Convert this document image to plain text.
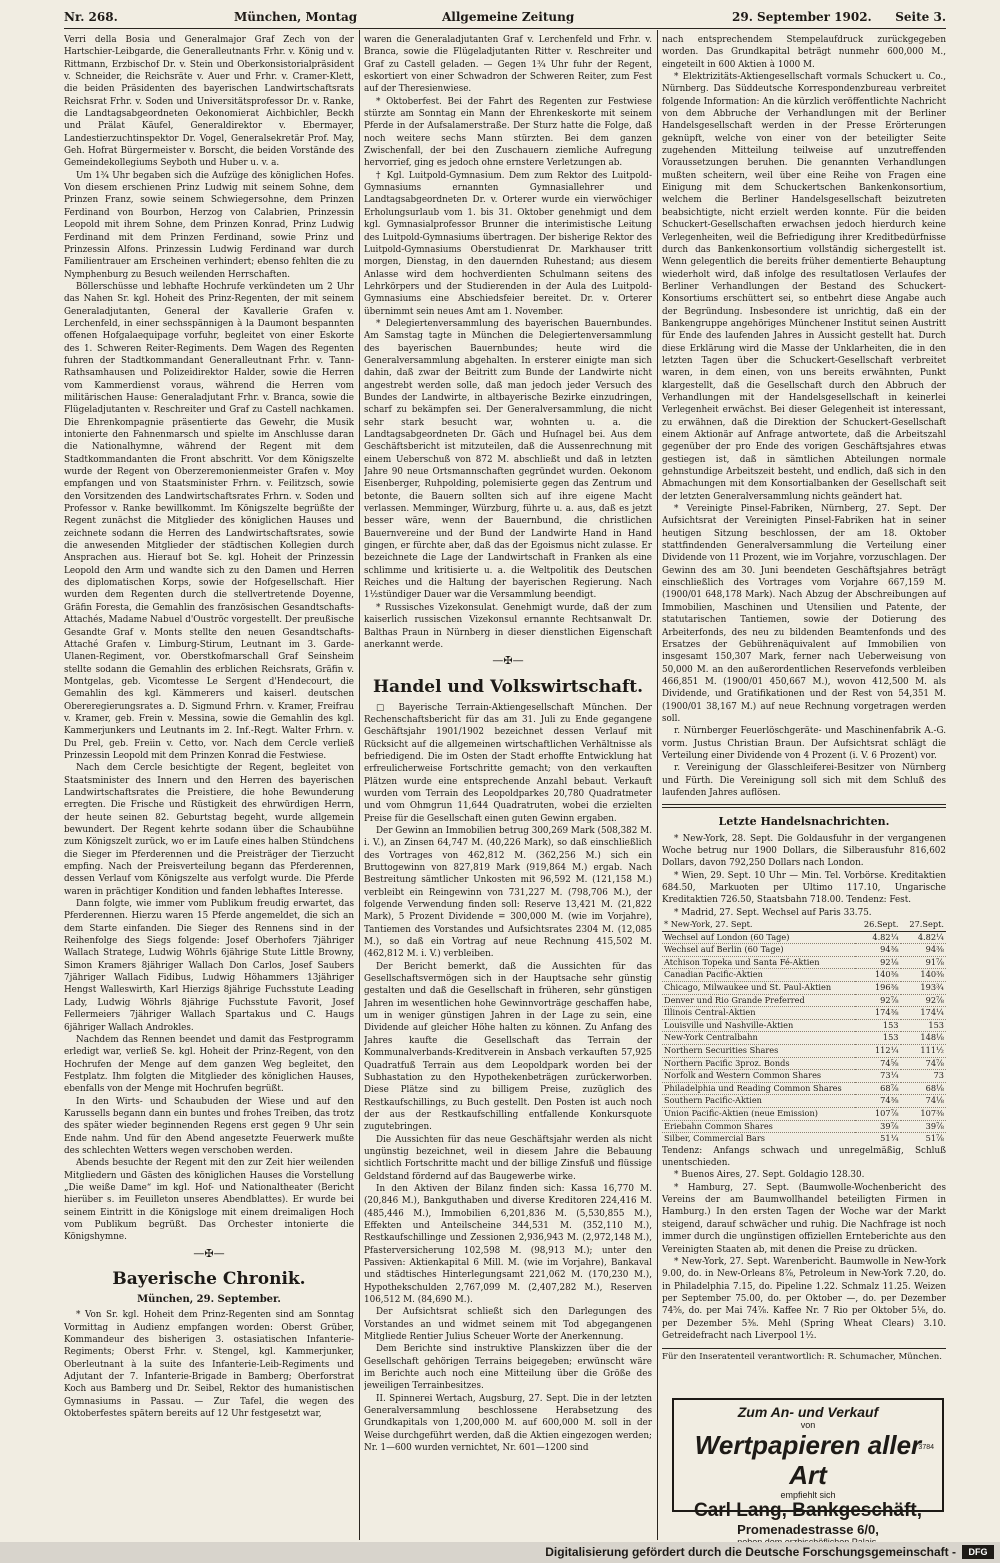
Nr. 268.	München, Montag	Allgemeine Zeitung	29. September 1902. Seite 3.

Verri della Bosia und Generalmajor Graf Zech von der Hartschier-Leibgarde, die Generalleutnants Frhr. v. König und v. Rittmann, Erzbischof Dr. v. Stein und Oberkonsistorialpräsident v. Schneider, die Reichsräte v. Auer und Frhr. v. Cramer-Klett, die beiden Präsidenten des bayerischen Landwirtschaftsrats Reichsrat Frhr. v. Soden und Universitätsprofessor Dr. v. Ranke, die Landtagsabgeordneten Oekonomierat Aichbichler, Beckh und Prälat Käufel, Generaldirektor v. Ebermayer, Landestierzuchtinspektor Dr. Vogel, Generalsekretär Prof. May, Geh. Hofrat Bürgermeister v. Borscht, die beiden Vorstände des Gemeindekollegiums Seyboth und Huber u. v. a.

Um 1¾ Uhr begaben sich die Aufzüge des königlichen Hofes. Von diesem erschienen Prinz Ludwig mit seinem Sohne, dem Prinzen Franz, sowie seinem Schwiegersohne, dem Prinzen Ferdinand von Bourbon, Herzog von Calabrien, Prinzessin Leopold mit ihrem Sohne, dem Prinzen Konrad, Prinz Ludwig Ferdinand mit dem Prinzen Ferdinand, sowie Prinz und Prinzessin Alfons. Prinzessin Ludwig Ferdinand war durch Familientrauer am Erscheinen verhindert; ebenso fehlten die zu Nymphenburg zu Besuch weilenden Herrschaften.

Böllerschüsse und lebhafte Hochrufe verkündeten um 2 Uhr das Nahen Sr. kgl. Hoheit des Prinz-Regenten, der mit seinem Generaladjutanten, General der Kavallerie Grafen v. Lerchenfeld, in einer sechsspännigen à la Daumont bespannten offenen Hofgalaequipage vorfuhr, begleitet von einer Eskorte des 1. Schweren Reiter-Regiments. Dem Wagen des Regenten fuhren der Stadtkommandant Generalleutnant Frhr. v. Tann-Rathsamhausen und Polizeidirektor Halder, sowie die Herren vom Kammerdienst voraus, während die Herren vom militärischen Hause: Generaladjutant Frhr. v. Branca, sowie die Flügeladjutanten v. Reschreiter und Graf zu Castell nachkamen. Die Ehrenkompagnie präsentierte das Gewehr, die Musik intonierte den Fahnenmarsch und spielte im Anschlusse daran die Nationalhymne, während der Regent mit dem Stadtkommandanten die Front abschritt. Vor dem Königszelte wurde der Regent von Oberzeremonienmeister Grafen v. Moy empfangen und von Staatsminister Frhrn. v. Feilitzsch, sowie den Vorsitzenden des Landwirtschaftsrates Frhrn. v. Soden und Professor v. Ranke bewillkommt. Im Königszelte begrüßte der Regent zunächst die Mitglieder des königlichen Hauses und zeichnete sodann die Herren des Landwirtschaftsrates, sowie die anwesenden Mitglieder der städtischen Kollegien durch Ansprachen aus. Hierauf bot Se. kgl. Hoheit der Prinzessin Leopold den Arm und wandte sich zu den Damen und Herren des diplomatischen Korps, sowie der Hofgesellschaft. Hier wurden dem Regenten durch die stellvertretende Doyenne, Gräfin Foresta, die Gemahlin des französischen Gesandtschafts-Attachés, Madame Nabuel d'Ouströc vorgestellt. Der preußische Gesandte Graf v. Monts stellte den neuen Gesandtschafts-Attaché Grafen v. Limburg-Stirum, Leutnant im 3. Garde-Ulanen-Regiment, vor. Oberstkofmarschall Graf Seinsheim stellte sodann die Gemahlin des erblichen Reichsrats, Gräfin v. Montgelas, geb. Vicomtesse Le Sergent d'Hendecourt, die Gemahlin des kgl. Kämmerers und kaiserl. deutschen Obereregierungsrates a. D. Sigmund Frhrn. v. Kramer, Freifrau v. Kramer, geb. Frein v. Messina, sowie die Gemahlin des kgl. Kammerjunkers und Leutnants im 2. Inf.-Regt. Walter Frhrn. v. Du Prel, geb. Freiin v. Cetto, vor. Nach dem Cercle verließ Prinzessin Leopold mit dem Prinzen Konrad die Festwiese.

Nach dem Cercle besichtigte der Regent, begleitet von Staatsminister des Innern und den Herren des bayerischen Landwirtschaftsrates die Preistiere, die hohe Bewunderung erregten. Die Frische und Rüstigkeit des ehrwürdigen Herrn, der heute seinen 82. Geburtstag begeht, wurde allgemein bewundert. Der Regent kehrte sodann über die Schaubühne zum Königszelt zurück, wo er im Laufe eines halben Stündchens die Sieger im Pferderennen und die Preisträger der Tierzucht empfing. Nach der Preisverteilung begann das Pferderennen, dessen Verlauf vom Königszelte aus verfolgt wurde. Die Pferde waren in prächtiger Kondition und fanden lebhaftes Interesse.

Dann folgte, wie immer vom Publikum freudig erwartet, das Pferderennen. Hierzu waren 15 Pferde angemeldet, die sich an dem Starte einfanden. Die Sieger des Rennens sind in der Reihenfolge des Siegs folgende: Josef Oberhofers 7jähriger Wallach Stratege, Ludwig Wöhrls 6jährige Stute Little Browny, Simon Kramers 8jähriger Wallach Don Carlos, Josef Saubers 7jähriger Wallach Fidibus, Ludwig Höhammers 13jähriger Hengst Walleswirth, Karl Hierzigs 8jährige Fuchsstute Leading Lady, Ludwig Wöhrls 8jährige Fuchsstute Favorit, Josef Fellermeiers 7jähriger Wallach Spartakus und C. Haugs 6jähriger Wallach Androkles.

Nachdem das Rennen beendet und damit das Festprogramm erledigt war, verließ Se. kgl. Hoheit der Prinz-Regent, von den Hochrufen der Menge auf dem ganzen Weg begleitet, den Festplatz. Ihm folgten die Mitglieder des königlichen Hauses, ebenfalls von der Menge mit Hochrufen begrüßt.

In den Wirts- und Schaubuden der Wiese und auf den Karussells begann dann ein buntes und frohes Treiben, das trotz des später wieder beginnenden Regens erst gegen 9 Uhr sein Ende nahm. Und für den Abend angesetzte Feuerwerk mußte des schlechten Wetters wegen verschoben werden.

Abends besuchte der Regent mit den zur Zeit hier weilenden Mitgliedern und Gästen des königlichen Hauses die Vorstellung „Die weiße Dame“ im kgl. Hof- und Nationaltheater (Bericht hierüber s. im Feuilleton unseres Abendblattes). Er wurde bei seinem Eintritt in die Königsloge mit einem dreimaligen Hoch vom Publikum begrüßt. Das Orchester intonierte die Königshymne.

—✠—
Bayerische Chronik.
München, 29. September.

* Von Sr. kgl. Hoheit dem Prinz-Regenten sind am Sonntag Vormittag in Audienz empfangen worden: Oberst Grüber, Kommandeur des bisherigen 3. ostasiatischen Infanterie-Regiments; Oberst Frhr. v. Stengel, kgl. Kammerjunker, Oberleutnant à la suite des Infanterie-Leib-Regiments und Adjutant der 7. Infanterie-Brigade in Bamberg; Oberforstrat Koch aus Bamberg und Dr. Seibel, Rektor des humanistischen Gymnasiums in Passau. — Zur Tafel, die wegen des Oktoberfestes spätern bereits auf 12 Uhr festgesetzt war,

waren die Generaladjutanten Graf v. Lerchenfeld und Frhr. v. Branca, sowie die Flügeladjutanten Ritter v. Reschreiter und Graf zu Castell geladen. — Gegen 1¾ Uhr fuhr der Regent, eskortiert von einer Schwadron der Schweren Reiter, zum Fest auf der Theresienwiese.

* Oktoberfest. Bei der Fahrt des Regenten zur Festwiese stürzte am Sonntag ein Mann der Ehrenkeskorte mit seinem Pferde in der Aufsalamerstraße. Der Sturz hatte die Folge, daß noch weitere sechs Mann stürzten. Bei dem ganzen Zwischenfall, der bei den Zuschauern ziemliche Aufregung hervorrief, ging es jedoch ohne ernstere Verletzungen ab.

† Kgl. Luitpold-Gymnasium. Dem zum Rektor des Luitpold-Gymnasiums ernannten Gymnasiallehrer und Landtagsabgeordneten Dr. v. Orterer wurde ein vierwöchiger Erholungsurlaub vom 1. bis 31. Oktober genehmigt und dem kgl. Gymnasialprofessor Brunner die interimistische Leitung des Luitpold-Gymnasiums übertragen. Der bisherige Rektor des Luitpold-Gymnasiums Oberstudienrat Dr. Markhauser tritt morgen, Dienstag, in den dauernden Ruhestand; aus diesem Anlasse wird dem hochverdienten Schulmann seitens des Lehrkörpers und der Studierenden in der Aula des Luitpold-Gymnasiums eine Abschiedsfeier bereitet. Dr. v. Orterer übernimmt sein neues Amt am 1. November.

* Delegiertenversammlung des bayerischen Bauernbundes. Am Samstag tagte in München die Delegiertenversammlung des bayerischen Bauernbundes; heute wird die Generalversammlung abgehalten. In ersterer einigte man sich dahin, daß zwar der Beitritt zum Bunde der Landwirte nicht angestrebt werden solle, daß man jedoch jeder Versuch des Bundes der Landwirte, in altbayerische Bezirke einzudringen, scharf zu bekämpfen sei. Der Generalversammlung, die nicht sehr stark besucht war, wohnten u. a. die Landtagsabgeordneten Dr. Gäch und Huſnagel bei. Aus dem Geschäftsbericht ist mitzuteilen, daß die Aussenrechnung mit einem Ueberschuß von 872 M. abschließt und daß in letzten Jahre 90 neue Ortsmannschaften gegründet wurden. Oekonom Eisenberger, Ruhpolding, polemisierte gegen das Zentrum und betonte, die Bauern sollten sich auf ihre eigene Macht verlassen. Memminger, Würzburg, führte u. a. aus, daß es jetzt besser wäre, wenn der Bauernbund, die christlichen Bauernvereine und der Bund der Landwirte Hand in Hand gingen, er fürchte aber, daß das der Egoismus nicht zulasse. Er bezeichnete die Lage der Landwirtschaft in Franken als eine schlimme und kritisierte u. a. die Weltpolitik des Deutschen Reiches und die Haltung der bayerischen Regierung. Nach 1½stündiger Dauer war die Versammlung beendigt.

* Russisches Vizekonsulat. Genehmigt wurde, daß der zum kaiserlich russischen Vizekonsul ernannte Rechtsanwalt Dr. Balthas Praun in Nürnberg in dieser dienstlichen Eigenschaft anerkannt werde.

—✠—
Handel und Volkswirtschaft.

□ Bayerische Terrain-Aktiengesellschaft München. Der Rechenschaftsbericht für das am 31. Juli zu Ende gegangene Geschäftsjahr 1901/1902 bezeichnet dessen Verlauf mit Rücksicht auf die allgemeinen wirtschaftlichen Verhältnisse als befriedigend. Die im Osten der Stadt erhoffte Entwicklung hat erfreulicherweise Fortschritte gemacht; von den verkauften Plätzen wurde eine entsprechende Anzahl bebaut. Verkauft wurden vom Terrain des Leopoldparkes 20,780 Quadratmeter und vom Ohmgrun 11,644 Quadratruten, wobei die erzielten Preise für die Gesellschaft einen guten Gewinn ergaben.

Der Gewinn an Immobilien betrug 300,269 Mark (508,382 M. i. V.), an Zinsen 64,747 M. (40,226 Mark), so daß einschließlich des Vortrages von 462,812 M. (362,256 M.) sich ein Bruttogewinn von 827,819 Mark (919,864 M.) ergab. Nach Bestreitung sämtlicher Unkosten mit 96,592 M. (121,158 M.) verbleibt ein Reingewinn von 731,227 M. (798,706 M.), der folgende Verwendung finden soll: Reserve 13,421 M. (21,822 Mark), 5 Prozent Dividende = 300,000 M. (wie im Vorjahre), Tantiemen des Vorstandes und Aufsichtsrates 2304 M. (12,085 M.), so daß ein Vortrag auf neue Rechnung 415,502 M. (462,812 M. i. V.) verbleiben.

Der Bericht bemerkt, daß die Aussichten für das Gesellschaftsvermögen sich in der Hauptsache sehr günstig gestalten und daß die Gesellschaft in früheren, sehr günstigen Jahren im wesentlichen hohe Gewinnvorträge geschaffen habe, um in weniger günstigen Jahren in der Lage zu sein, eine Dividende auf gleicher Höhe halten zu können. Zu Anfang des Jahres kaufte die Gesellschaft das Terrain der Kommunalverbands-Kreditverein in Ansbach verkauften 57,925 Quadratfuß Terrain aus dem Leopoldpark worden bei der Subhastation zu den Hypothekenbeträgen zurückerworben. Diese Plätze sind zu billigem Preise, zuzüglich des Restkaufschillings, zu Buch gestellt. Den Posten ist auch noch der aus der Restkaufschilling entfallende Konkursquote zugutebringen.

Die Aussichten für das neue Geschäftsjahr werden als nicht ungünstig bezeichnet, weil in diesem Jahre die Bebauung sichtlich Fortschritte macht und der billige Zinsfuß und flüssige Geldstand fördernd auf das Baugewerbe wirke.

In den Aktiven der Bilanz finden sich: Kassa 16,770 M. (20,846 M.), Bankguthaben und diverse Kreditoren 224,416 M. (485,446 M.), Immobilien 6,201,836 M. (5,530,855 M.), Effekten und Anteilscheine 344,531 M. (352,110 M.), Restkaufschillinge und Zessionen 2,936,943 M. (2,972,148 M.), Pfasterversicherung 102,598 M. (98,913 M.); unter den Passiven: Aktienkapital 6 Mill. M. (wie im Vorjahre), Bankaval und städtisches Hinterlegungsamt 221,062 M. (170,230 M.), Hypothekschulden 2,767,099 M. (2,407,282 M.), Reserven 106,512 M. (84,690 M.).

Der Aufsichtsrat schließt sich den Darlegungen des Vorstandes an und widmet seinem mit Tod abgegangenen Mitgliede Rentier Julius Scheuer Worte der Anerkennung.

Dem Berichte sind instruktive Planskizzen über die der Gesellschaft gehörigen Terrains beigegeben; erwünscht wäre im Berichte auch noch eine Mitteilung über die Größe des jeweiligen Terrainbesitzes.

II. Spinnerei Wertach, Augsburg, 27. Sept. Die in der letzten Generalversammlung beschlossene Herabsetzung des Grundkapitals von 1,200,000 M. auf 600,000 M. soll in der Weise durchgeführt werden, daß die Aktien eingezogen werden; Nr. 1—600 wurden vernichtet, Nr. 601—1200 sind

nach entsprechendem Stempelaufdruck zurückgegeben worden. Das Grundkapital beträgt nunmehr 600,000 M., eingeteilt in 600 Aktien à 1000 M.

* Elektrizitäts-Aktiengesellschaft vormals Schuckert u. Co., Nürnberg. Das Süddeutsche Korrespondenzbureau verbreitet folgende Information: An die kürzlich veröffentlichte Nachricht von dem Abbruche der Verhandlungen mit der Berliner Handelsgesellschaft werden in der Presse Erörterungen geknüpft, welche von einer von der beteiligter Seite zugehenden Mitteilung teilweise auf unzutreffenden Voraussetzungen beruhen. Die genannten Verhandlungen mußten scheitern, weil über eine Reihe von Fragen eine Einigung mit dem Schuckertschen Bankenkonsortium, welchem die Berliner Handelsgesellschaft beizutreten beabsichtigte, nicht erzielt werden konnte. Für die beiden Schuckert-Gesellschaften erwachsen jedoch hierdurch keine Verlegenheiten, weil die Befriedigung ihrer Kreditbedürfnisse durch das Bankenkonsortium vollständig sichergestellt ist. Wenn gelegentlich die bereits früher dementierte Behauptung wiederholt wird, daß infolge des resultatlosen Verlaufes der Berliner Verhandlungen der Bestand des Schuckert-Konsortiums erschüttert sei, so entbehrt diese Angabe auch der Begründung. Insbesondere ist unrichtig, daß ein der Bankengruppe angehöriges Münchener Institut seinen Austritt für Ende des laufenden Jahres in Aussicht gestellt hat. Durch diese Erklärung wird die Masse der Unklarheiten, die in den letzten Tagen über die Schuckert-Gesellschaft verbreitet waren, in dem einen, von uns bereits erwähnten, Punkt klargestellt, daß die Gesellschaft durch den Abbruch der Verhandlungen mit der Handelsgesellschaft in keinerlei Verlegenheit erwächst. Bei dieser Gelegenheit ist interessant, zu erwähnen, daß die Direktion der Schuckert-Gesellschaft einem Aktionär auf Anfrage antwortete, daß die Arbeitszahl gegenüber der pro Ende des vorigen Geschäftsjahres etwas gestiegen ist, daß in sämtlichen Abteilungen normale gehnstundige Arbeitszeit besteht, und endlich, daß sich in den Abmachungen mit dem Konsortialbanken der Gesellschaft seit der letzten Generalversammlung nichts geändert hat.

* Vereinigte Pinsel-Fabriken, Nürnberg, 27. Sept. Der Aufsichtsrat der Vereinigten Pinsel-Fabriken hat in seiner heutigen Sitzung beschlossen, der am 18. Oktober stattfindenden Generalversammlung die Verteilung einer Dividende von 11 Prozent, wie im Vorjahre, vorzuschlagen. Der Gewinn des am 30. Juni beendeten Geschäftsjahres beträgt einschließlich des Vortrages vom Vorjahre 667,159 M. (1900/01 648,178 Mark). Nach Abzug der Abschreibungen auf Immobilien, Maschinen und Utensilien und Patente, der statutarischen Tantiemen, sowie der Dotierung des Arbeiterfonds, des neu zu bildenden Beamtenfonds und des Ersatzes der Gebührenäquivalent auf Immobilien von insgesamt 150,307 Mark, ferner nach Ueberweisung von 50,000 M. an den außerordentlichen Reservefonds verbleiben 466,851 M. (1900/01 450,667 M.), wovon 412,500 M. als Dividende, und Gratifikationen und der Rest von 54,351 M. (1900/01 38,167 M.) auf neue Rechnung vorgetragen werden soll.

r. Nürnberger Feuerlöschgeräte- und Maschinenfabrik A.-G. vorm. Justus Christian Braun. Der Aufsichtsrat schlägt die Verteilung einer Dividende von 4 Prozent (i. V. 6 Prozent) vor.

r. Vereinigung der Glasschleiferei-Besitzer von Nürnberg und Fürth. Die Vereinigung soll sich mit dem Schluß des laufenden Jahres auflösen.

Letzte Handelsnachrichten.

* New-York, 28. Sept. Die Goldausfuhr in der vergangenen Woche betrug nur 1900 Dollars, die Silberausfuhr 816,602 Dollars, davon 792,250 Dollars nach London.

* Wien, 29. Sept. 10 Uhr — Min. Tel. Vorbörse. Kreditaktien 684.50, Markuoten per Ultimo 117.10, Ungarische Kreditaktien 726.50, Staatsbahn 718.00. Tendenz: Fest.

* Madrid, 27. Sept. Wechsel auf Paris 33.75.

* New-York, 27. Sept.	26.Sept.	27.Sept.
Wechsel auf London (60 Tage)	4.82¼	4.82¼
Wechsel auf Berlin (60 Tage)	94⅜	94⅜
Atchison Topeka und Santa Fé-Aktien	92⅛	91⅞
Canadian Pacific-Aktien	140⅜	140⅜
Chicago, Milwaukee und St. Paul-Aktien	196⅜	193¾
Denver und Rio Grande Preferred	92⅞	92⅞
Illinois Central-Aktien	174⅜	174¼
Louisville und Nashville-Aktien	153	153
New-York Centralbahn	153	148⅛
Northern Securities Shares	112¼	111½
Northern Pacific 3proz. Bonds	74⅝	74⅞
Norfolk and Western Common Shares	73¼	73
Philadelphia und Reading Common Shares	68⅞	68⅛
Southern Pacific-Aktien	74⅜	74⅛
Union Pacific-Aktien (neue Emission)	107⅞	107⅜
Eriebahn Common Shares	39⅞	39⅞
Silber, Commercial Bars	51¼	51⅞

Tendenz: Anfangs schwach und unregelmäßig, Schluß unentschieden.

* Buenos Aires, 27. Sept. Goldagio 128.30.

* Hamburg, 27. Sept. (Baumwolle-Wochenbericht des Vereins der am Baumwollhandel beteiligten Firmen in Hamburg.) In den ersten Tagen der Woche war der Markt steigend, darauf schwächer und ruhig. Die Nachfrage ist noch immer durch die ungünstigen offiziellen Ernteberichte aus den Vereinigten Staaten ab, mit denen die Preise zu drücken.

* New-York, 27. Sept. Warenbericht. Baumwolle in New-York 9.00, do. in New-Orleans 8⅞, Petroleum in New-York 7.20, do. in Philadelphia 7.15, do. Pipeline 1.22. Schmalz 11.25. Weizen per September 75.00, do. per Oktober —, do. per Dezember 74⅝, do. per Mai 74⅞. Kaffee Nr. 7 Rio per Oktober 5⅛, do. per Dezember 5⅜. Mehl (Spring Wheat Clears) 3.10. Getreidefracht nach Liverpool 1½.

Für den Inseratenteil verantwortlich: R. Schumacher, München.
Zum An- und Verkauf
von
Wertpapieren aller Art
empfiehlt sich
3784
Carl Lang, Bankgeschäft,
Promenadestrasse 6/0,
Digitalisierung gefördert durch die Deutsche Forschungsgemeinschaft -	DFG
